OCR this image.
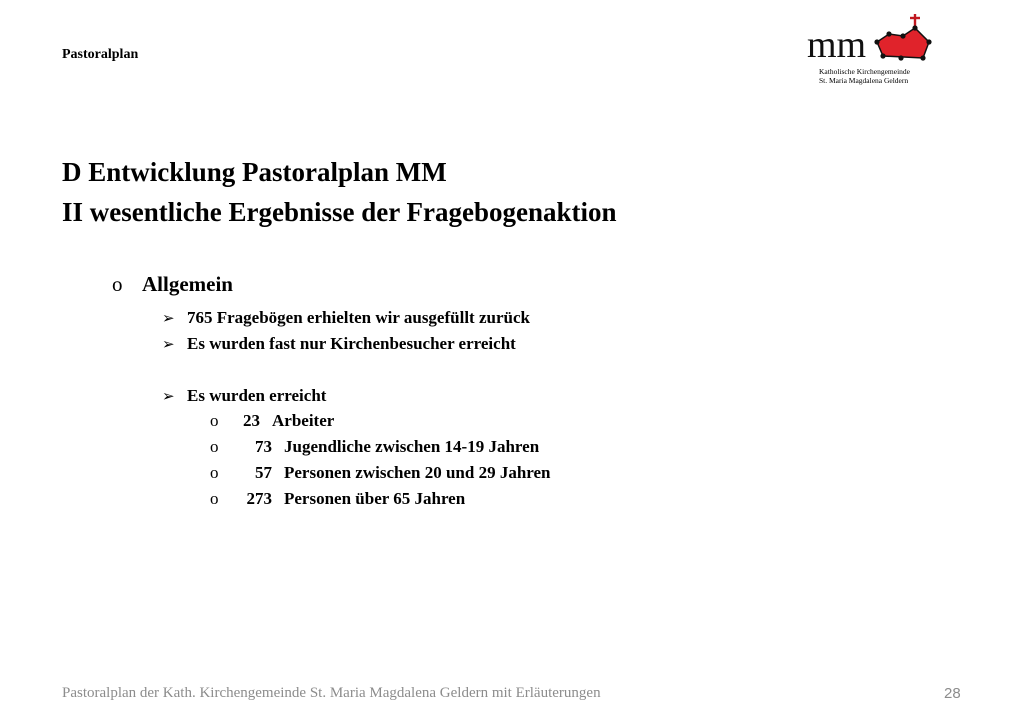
Pastoralplan	mm
Katholische Kirchengemeinde
St. Maria Magdalena Geldern
D Entwicklung Pastoralplan MM
II wesentliche Ergebnisse der Fragebogenaktion
o Allgemein
➢ 765 Fragebögen erhielten wir ausgefüllt zurück
➢ Es wurden fast nur Kirchenbesucher erreicht
➢ Es wurden erreicht
o 23 Arbeiter
o 73 Jugendliche zwischen 14-19 Jahren
o 57 Personen zwischen 20 und 29 Jahren
o 273 Personen über 65 Jahren
Pastoralplan der Kath. Kirchengemeinde St. Maria Magdalena Geldern mit Erläuterungen	28
